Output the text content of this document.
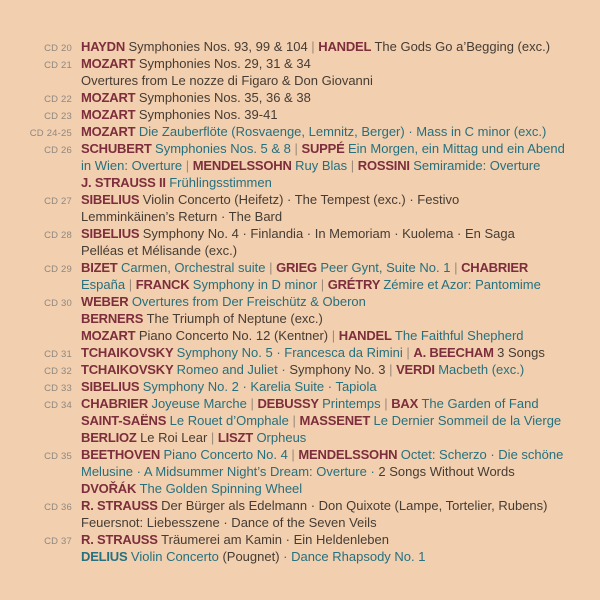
CD 20 HAYDN Symphonies Nos. 93, 99 & 104 | HANDEL The Gods Go a’Begging (exc.)
CD 21 MOZART Symphonies Nos. 29, 31 & 34
Overtures from Le nozze di Figaro & Don Giovanni
CD 22 MOZART Symphonies Nos. 35, 36 & 38
CD 23 MOZART Symphonies Nos. 39-41
CD 24-25 MOZART Die Zauberflöte (Rosvaenge, Lemnitz, Berger) · Mass in C minor (exc.)
CD 26 SCHUBERT Symphonies Nos. 5 & 8 | SUPPÉ Ein Morgen, ein Mittag und ein Abend
in Wien: Overture | MENDELSSOHN Ruy Blas | ROSSINI Semiramide: Overture
J. STRAUSS II Frühlingsstimmen
CD 27 SIBELIUS Violin Concerto (Heifetz) · The Tempest (exc.) · Festivo
Lemminkäinen’s Return · The Bard
CD 28 SIBELIUS Symphony No. 4 · Finlandia · In Memoriam · Kuolema · En Saga
Pelléas et Mélisande (exc.)
CD 29 BIZET Carmen, Orchestral suite | GRIEG Peer Gynt, Suite No. 1 | CHABRIER
España | FRANCK Symphony in D minor | GRÉTRY Zémire et Azor: Pantomime
CD 30 WEBER Overtures from Der Freischütz & Oberon
BERNERS The Triumph of Neptune (exc.)
MOZART Piano Concerto No. 12 (Kentner) | HANDEL The Faithful Shepherd
CD 31 TCHAIKOVSKY Symphony No. 5 · Francesca da Rimini | A. BEECHAM 3 Songs
CD 32 TCHAIKOVSKY Romeo and Juliet · Symphony No. 3 | VERDI Macbeth (exc.)
CD 33 SIBELIUS Symphony No. 2 · Karelia Suite · Tapiola
CD 34 CHABRIER Joyeuse Marche | DEBUSSY Printemps | BAX The Garden of Fand
SAINT-SAËNS Le Rouet d’Omphale | MASSENET Le Dernier Sommeil de la Vierge
BERLIOZ Le Roi Lear | LISZT Orpheus
CD 35 BEETHOVEN Piano Concerto No. 4 | MENDELSSOHN Octet: Scherzo · Die schöne
Melusine · A Midsummer Night’s Dream: Overture · 2 Songs Without Words
DVOŘÁK The Golden Spinning Wheel
CD 36 R. STRAUSS Der Bürger als Edelmann · Don Quixote (Lampe, Tortelier, Rubens)
Feuersnot: Liebesszene · Dance of the Seven Veils
CD 37 R. STRAUSS Träumerei am Kamin · Ein Heldenleben
DELIUS Violin Concerto (Pougnet) · Dance Rhapsody No. 1
